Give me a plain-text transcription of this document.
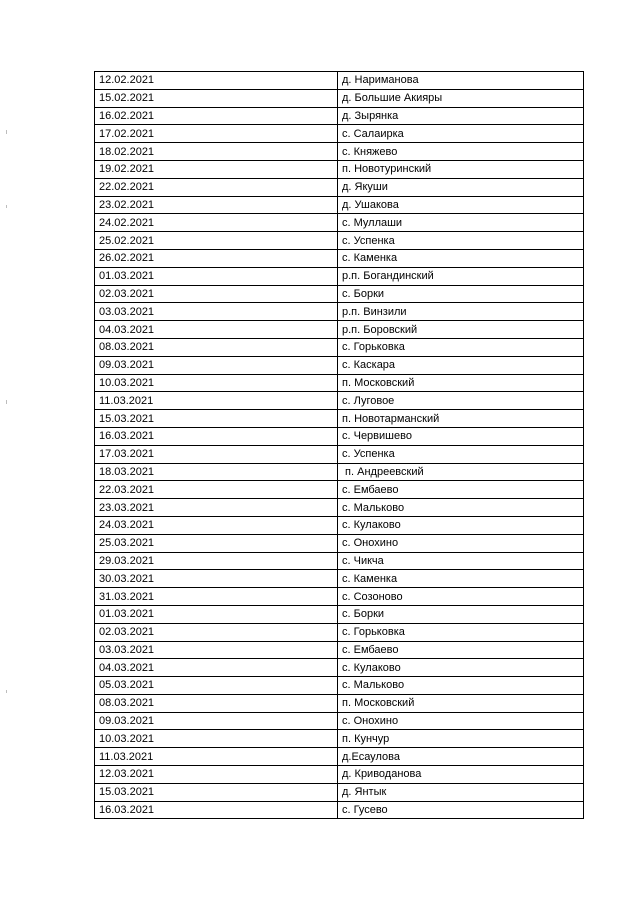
12.02.2021	д. Нариманова
15.02.2021	д. Большие Акияры
16.02.2021	д. Зырянка
17.02.2021	с. Салаирка
18.02.2021	с. Княжево
19.02.2021	п. Новотуринский
22.02.2021	д. Якуши
23.02.2021	д. Ушакова
24.02.2021	с. Муллаши
25.02.2021	с. Успенка
26.02.2021	с. Каменка
01.03.2021	р.п. Богандинский
02.03.2021	с. Борки
03.03.2021	р.п. Винзили
04.03.2021	р.п. Боровский
08.03.2021	с. Горьковка
09.03.2021	с. Каскара
10.03.2021	п. Московский
11.03.2021	с. Луговое
15.03.2021	п. Новотарманский
16.03.2021	с. Червишево
17.03.2021	с. Успенка
18.03.2021	п. Андреевский
22.03.2021	с. Ембаево
23.03.2021	с. Мальково
24.03.2021	с. Кулаково
25.03.2021	с. Онохино
29.03.2021	с. Чикча
30.03.2021	с. Каменка
31.03.2021	с. Созоново
01.03.2021	с. Борки
02.03.2021	с. Горьковка
03.03.2021	с. Ембаево
04.03.2021	с. Кулаково
05.03.2021	с. Мальково
08.03.2021	п. Московский
09.03.2021	с. Онохино
10.03.2021	п. Кунчур
11.03.2021	д.Есаулова
12.03.2021	д. Криводанова
15.03.2021	д. Янтык
16.03.2021	с. Гусево
